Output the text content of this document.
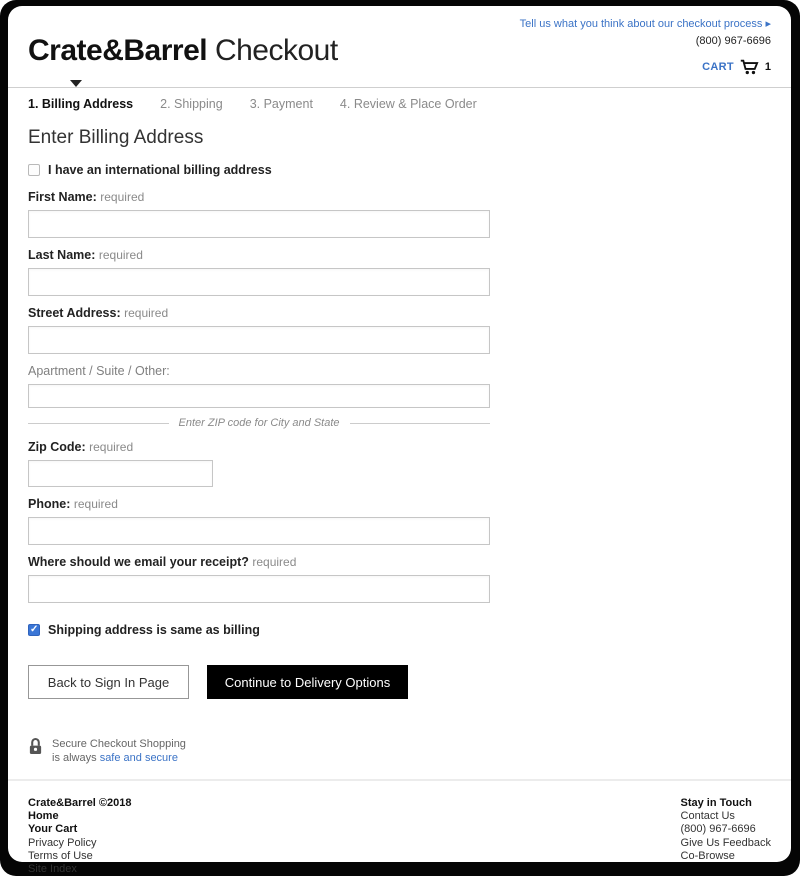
Tell us what you think about our checkout process ▸
Crate&Barrel Checkout	(800) 967-6696
CART	1
1. Billing Address 2. Shipping 3. Payment 4. Review & Place Order
Enter Billing Address
I have an international billing address
First Name: required
Last Name: required
Street Address: required
Apartment / Suite / Other:
Enter ZIP code for City and State
Zip Code: required
Phone: required
Where should we email your receipt? required
✓
Shipping address is same as billing
Back to Sign In Page	Continue to Delivery Options
Secure Checkout Shopping
is always safe and secure
Crate&Barrel ©2018
Home
Your Cart
Privacy Policy
Terms of Use
Site Index
Stay in Touch
Contact Us
(800) 967-6696
Give Us Feedback
Co-Browse
